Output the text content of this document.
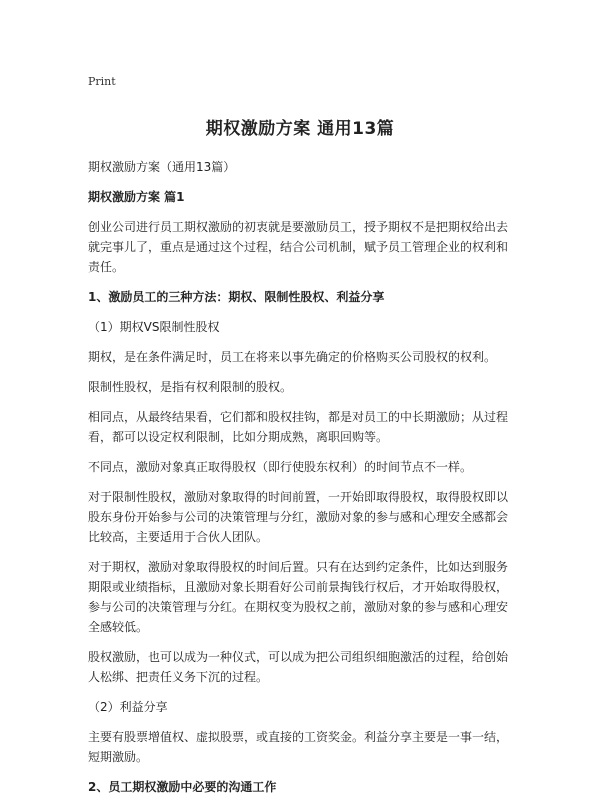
Print
期权激励方案 通用13篇
期权激励方案（通用13篇）
期权激励方案 篇1
创业公司进行员工期权激励的初衷就是要激励员工，授予期权不是把期权给出去就完事儿了，重点是通过这个过程，结合公司机制，赋予员工管理企业的权利和责任。
1、激励员工的三种方法：期权、限制性股权、利益分享
（1）期权VS限制性股权
期权，是在条件满足时，员工在将来以事先确定的价格购买公司股权的权利。
限制性股权，是指有权利限制的股权。
相同点，从最终结果看，它们都和股权挂钩，都是对员工的中长期激励；从过程看，都可以设定权利限制，比如分期成熟，离职回购等。
不同点，激励对象真正取得股权（即行使股东权利）的时间节点不一样。
对于限制性股权，激励对象取得的时间前置，一开始即取得股权，取得股权即以股东身份开始参与公司的决策管理与分红，激励对象的参与感和心理安全感都会比较高，主要适用于合伙人团队。
对于期权，激励对象取得股权的时间后置。只有在达到约定条件，比如达到服务期限或业绩指标，且激励对象长期看好公司前景掏钱行权后，才开始取得股权，参与公司的决策管理与分红。在期权变为股权之前，激励对象的参与感和心理安全感较低。
股权激励，也可以成为一种仪式，可以成为把公司组织细胞激活的过程，给创始人松绑、把责任义务下沉的过程。
（2）利益分享
主要有股票增值权、虚拟股票，或直接的工资奖金。利益分享主要是一事一结，短期激励。
2、员工期权激励中必要的沟通工作
